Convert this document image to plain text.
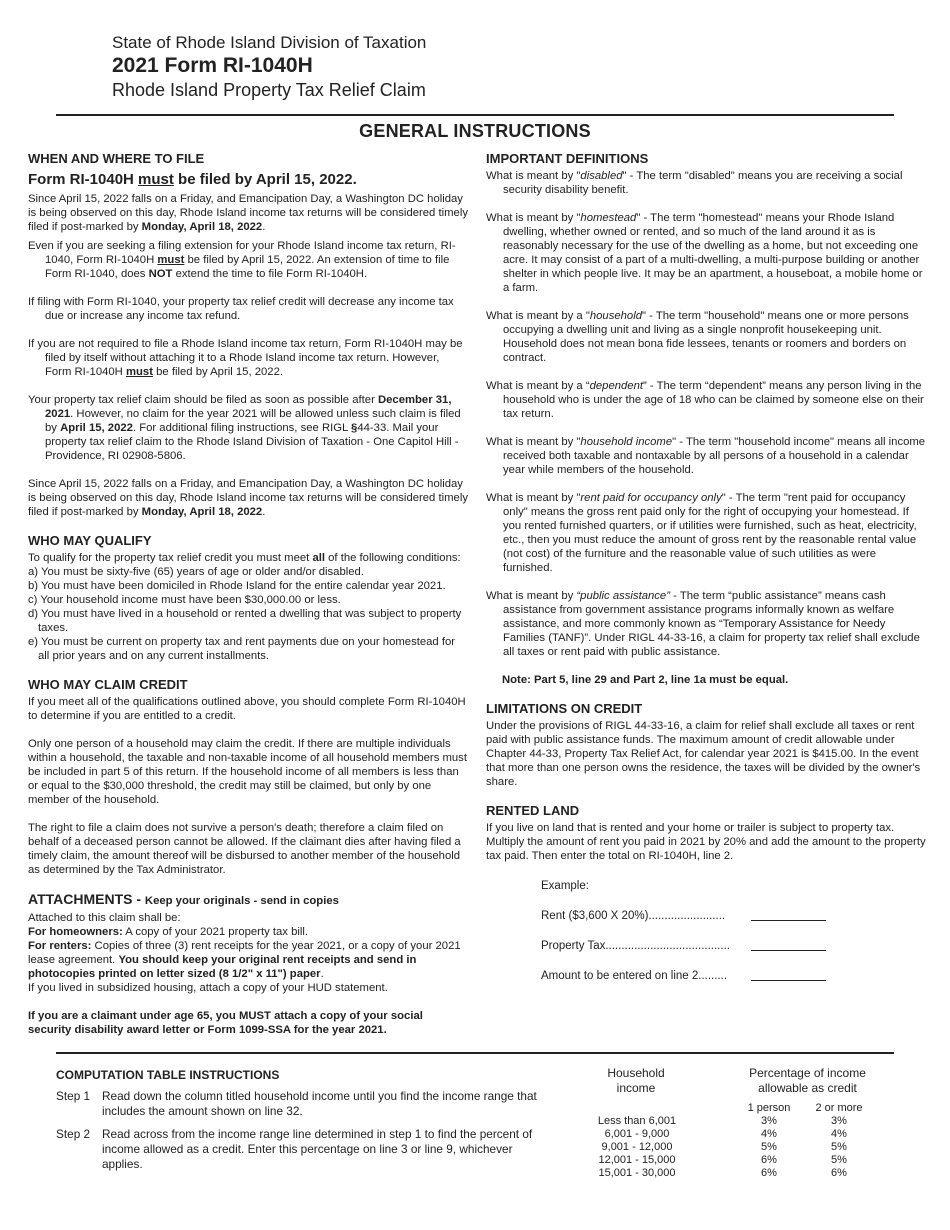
State of Rhode Island Division of Taxation
2021 Form RI-1040H
Rhode Island Property Tax Relief Claim
GENERAL INSTRUCTIONS
WHEN AND WHERE TO FILE
Form RI-1040H must be filed by April 15, 2022.

Since April 15, 2022 falls on a Friday, and Emancipation Day, a Washington DC holiday is being observed on this day, Rhode Island income tax returns will be considered timely filed if post-marked by Monday, April 18, 2022.

Even if you are seeking a filing extension for your Rhode Island income tax return, RI-1040, Form RI-1040H must be filed by April 15, 2022. An extension of time to file Form RI-1040, does NOT extend the time to file Form RI-1040H.

If filing with Form RI-1040, your property tax relief credit will decrease any income tax due or increase any income tax refund.

If you are not required to file a Rhode Island income tax return, Form RI-1040H may be filed by itself without attaching it to a Rhode Island income tax return. However, Form RI-1040H must be filed by April 15, 2022.

Your property tax relief claim should be filed as soon as possible after December 31, 2021. However, no claim for the year 2021 will be allowed unless such claim is filed by April 15, 2022. For additional filing instructions, see RIGL §44-33. Mail your property tax relief claim to the Rhode Island Division of Taxation - One Capitol Hill - Providence, RI 02908-5806.

Since April 15, 2022 falls on a Friday, and Emancipation Day, a Washington DC holiday is being observed on this day, Rhode Island income tax returns will be considered timely filed if post-marked by Monday, April 18, 2022.

WHO MAY QUALIFY

To qualify for the property tax relief credit you must meet all of the following conditions:

a) You must be sixty-five (65) years of age or older and/or disabled.

b) You must have been domiciled in Rhode Island for the entire calendar year 2021.

c) Your household income must have been $30,000.00 or less.

d) You must have lived in a household or rented a dwelling that was subject to property taxes.

e) You must be current on property tax and rent payments due on your homestead for all prior years and on any current installments.

WHO MAY CLAIM CREDIT

If you meet all of the qualifications outlined above, you should complete Form RI-1040H to determine if you are entitled to a credit.

Only one person of a household may claim the credit. If there are multiple individuals within a household, the taxable and non-taxable income of all household members must be included in part 5 of this return. If the household income of all members is less than or equal to the $30,000 threshold, the credit may still be claimed, but only by one member of the household.

The right to file a claim does not survive a person's death; therefore a claim filed on behalf of a deceased person cannot be allowed. If the claimant dies after having filed a timely claim, the amount thereof will be disbursed to another member of the household as determined by the Tax Administrator.

ATTACHMENTS - Keep your originals - send in copies

Attached to this claim shall be:

For homeowners: A copy of your 2021 property tax bill.

For renters: Copies of three (3) rent receipts for the year 2021, or a copy of your 2021 lease agreement. You should keep your original rent receipts and send in photocopies printed on letter sized (8 1/2" x 11") paper.

If you lived in subsidized housing, attach a copy of your HUD statement.

If you are a claimant under age 65, you MUST attach a copy of your social security disability award letter or Form 1099-SSA for the year 2021.

IMPORTANT DEFINITIONS

What is meant by "disabled" - The term "disabled" means you are receiving a social security disability benefit.

What is meant by "homestead" - The term "homestead" means your Rhode Island dwelling, whether owned or rented, and so much of the land around it as is reasonably necessary for the use of the dwelling as a home, but not exceeding one acre. It may consist of a part of a multi-dwelling, a multi-purpose building or another shelter in which people live. It may be an apartment, a houseboat, a mobile home or a farm.

What is meant by a "household" - The term "household" means one or more persons occupying a dwelling unit and living as a single nonprofit housekeeping unit. Household does not mean bona fide lessees, tenants or roomers and borders on contract.

What is meant by a “dependent” - The term “dependent” means any person living in the household who is under the age of 18 who can be claimed by someone else on their tax return.

What is meant by "household income" - The term "household income" means all income received both taxable and nontaxable by all persons of a household in a calendar year while members of the household.

What is meant by "rent paid for occupancy only" - The term "rent paid for occupancy only" means the gross rent paid only for the right of occupying your homestead. If you rented furnished quarters, or if utilities were furnished, such as heat, electricity, etc., then you must reduce the amount of gross rent by the reasonable rental value (not cost) of the furniture and the reasonable value of such utilities as were furnished.

What is meant by “public assistance” - The term “public assistance” means cash assistance from government assistance programs informally known as welfare assistance, and more commonly known as “Temporary Assistance for Needy Families (TANF)”. Under RIGL 44-33-16, a claim for property tax relief shall exclude all taxes or rent paid with public assistance.

Note: Part 5, line 29 and Part 2, line 1a must be equal.

LIMITATIONS ON CREDIT

Under the provisions of RIGL 44-33-16, a claim for relief shall exclude all taxes or rent paid with public assistance funds. The maximum amount of credit allowable under Chapter 44-33, Property Tax Relief Act, for calendar year 2021 is $415.00. In the event that more than one person owns the residence, the taxes will be divided by the owner's share.

RENTED LAND

If you live on land that is rented and your home or trailer is subject to property tax. Multiply the amount of rent you paid in 2021 by 20% and add the amount to the property tax paid. Then enter the total on RI-1040H, line 2.

Example:
Rent ($3,600 X 20%)........................
Property Tax.......................................
Amount to be entered on line 2.........
COMPUTATION TABLE INSTRUCTIONS
Step 1	Read down the column titled household income until you find the income range that includes the amount shown on line 32.
Step 2	Read across from the income range line determined in step 1 to find the percent of income allowed as a credit. Enter this percentage on line 3 or line 9, whichever applies.
Household income
Percentage of income allowable as credit
1 person	2 or more
Less than 6,001	3%	3%
6,001 - 9,000	4%	4%
9,001 - 12,000	5%	5%
12,001 - 15,000	6%	5%
15,001 - 30,000	6%	6%
